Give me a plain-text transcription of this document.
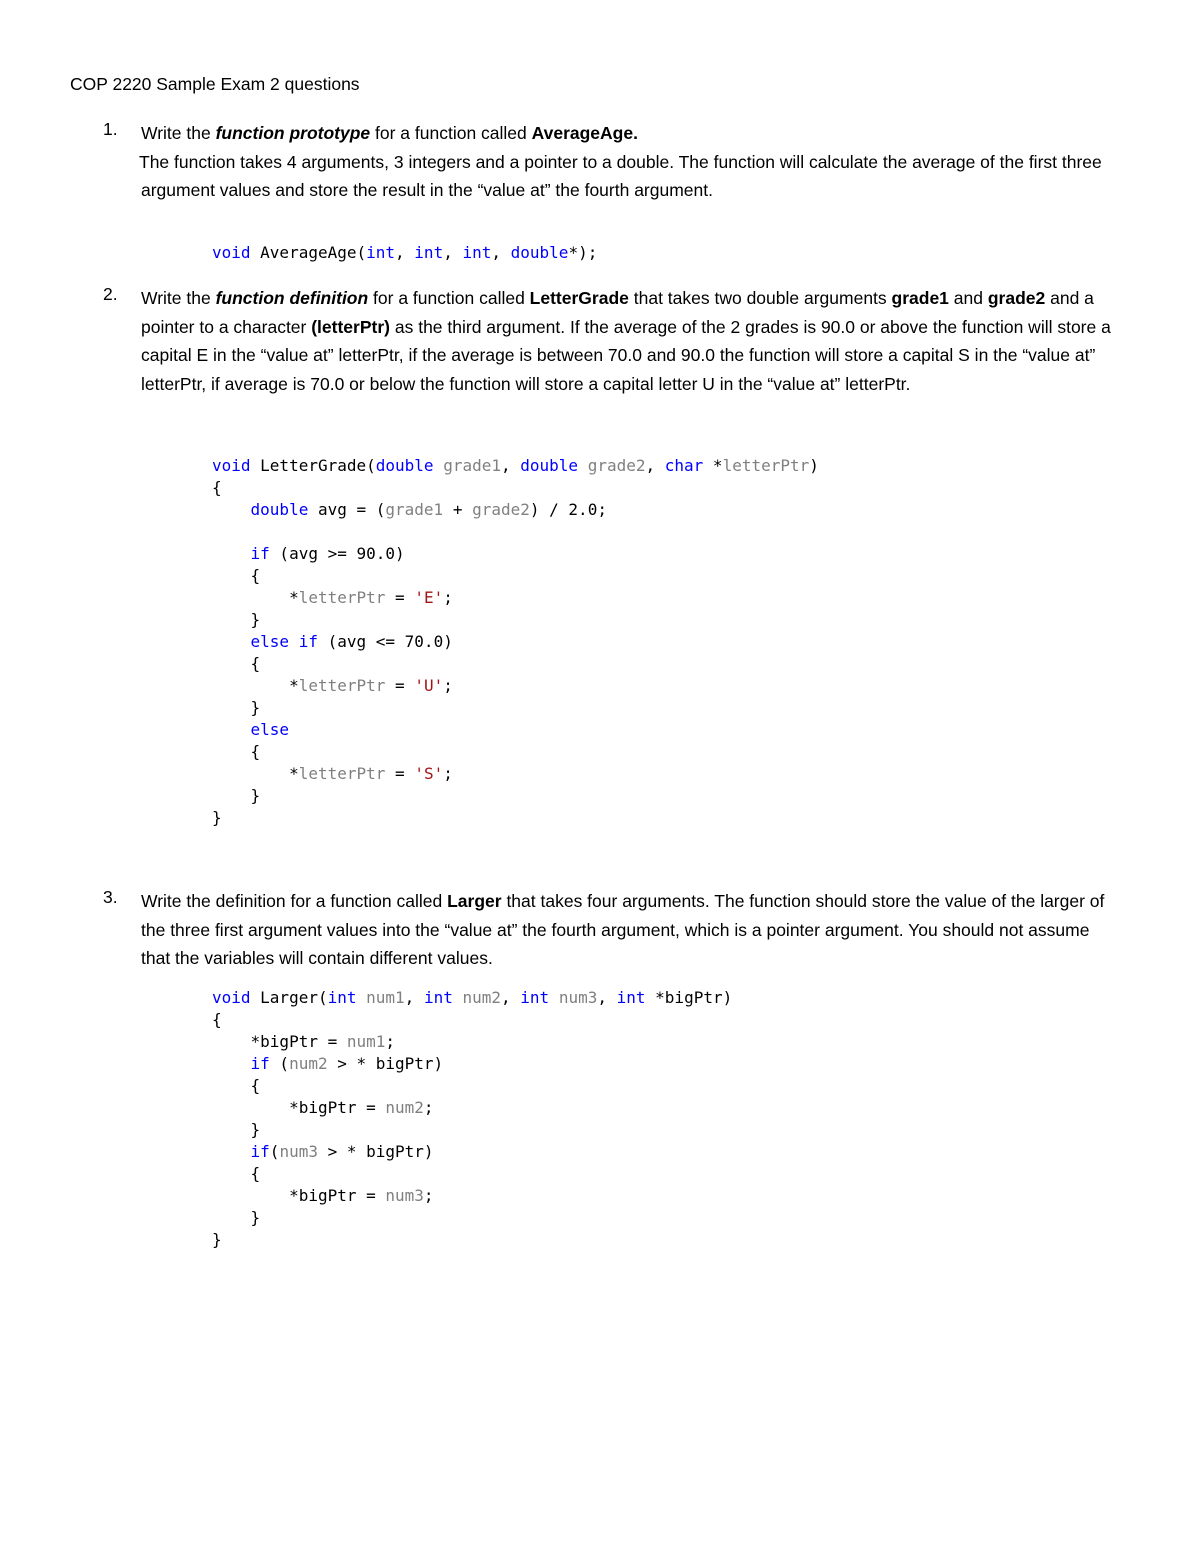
COP 2220 Sample Exam 2 questions
1. Write the function prototype for a function called AverageAge.
The function takes 4 arguments, 3 integers and a pointer to a double. The function will calculate the average of the first three argument values and store the result in the “value at” the fourth argument.
void AverageAge(int, int, int, double*);
2. Write the function definition for a function called LetterGrade that takes two double arguments grade1 and grade2 and a pointer to a character (letterPtr) as the third argument. If the average of the 2 grades is 90.0 or above the function will store a capital E in the “value at” letterPtr, if the average is between 70.0 and 90.0 the function will store a capital S in the “value at” letterPtr, if average is 70.0 or below the function will store a capital letter U in the “value at” letterPtr.
void LetterGrade(double grade1, double grade2, char *letterPtr)
{
double avg = (grade1 + grade2) / 2.0;
if (avg >= 90.0)
{
*letterPtr = 'E';
}
else if (avg <= 70.0)
{
*letterPtr = 'U';
}
else
{
*letterPtr = 'S';
}
}
3. Write the definition for a function called Larger that takes four arguments. The function should store the value of the larger of the three first argument values into the “value at” the fourth argument, which is a pointer argument. You should not assume that the variables will contain different values.
void Larger(int num1, int num2, int num3, int *bigPtr)
{
*bigPtr = num1;
if (num2 > * bigPtr)
{
*bigPtr = num2;
}
if(num3 > * bigPtr)
{
*bigPtr = num3;
}
}
